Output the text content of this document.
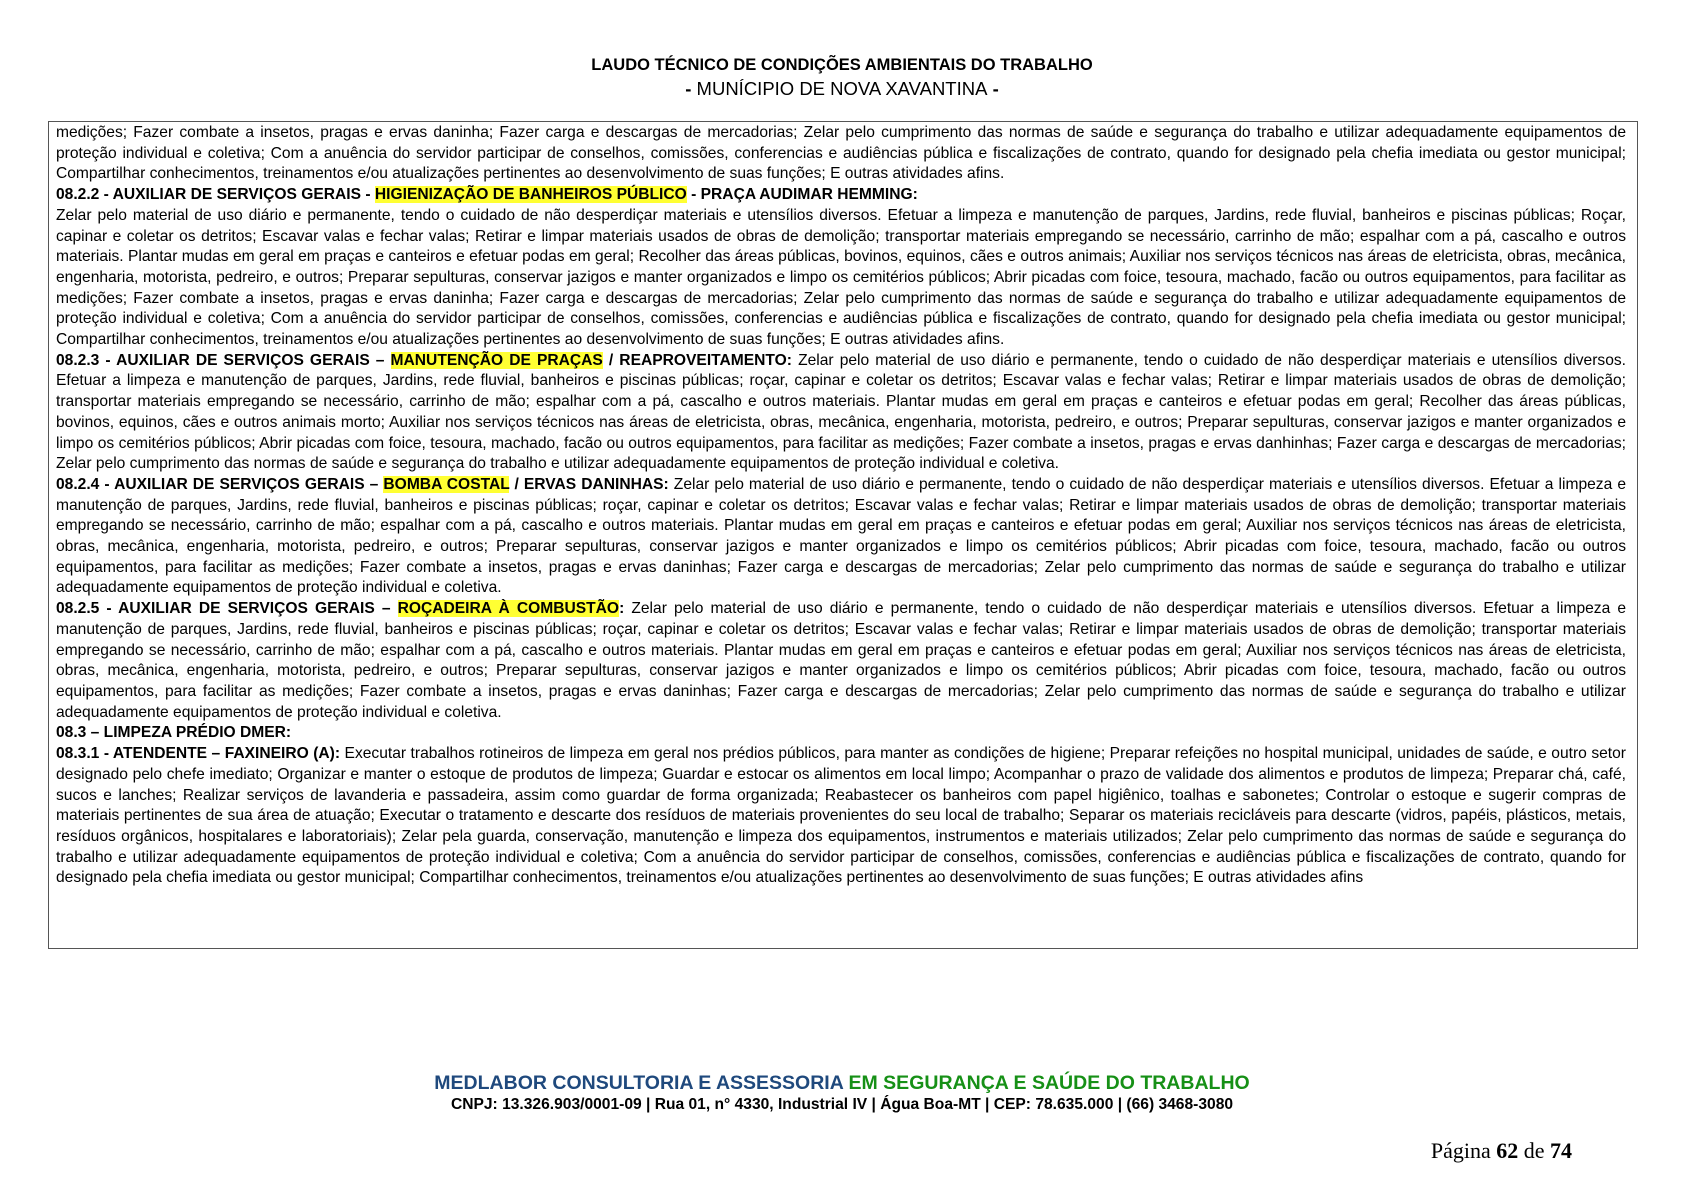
LAUDO TÉCNICO DE CONDIÇÕES AMBIENTAIS DO TRABALHO
- MUNÍCIPIO DE NOVA XAVANTINA -

medições; Fazer combate a insetos, pragas e ervas daninha; Fazer carga e descargas de mercadorias; Zelar pelo cumprimento das normas de saúde e segurança do trabalho e utilizar adequadamente equipamentos de proteção individual e coletiva; Com a anuência do servidor participar de conselhos, comissões, conferencias e audiências pública e fiscalizações de contrato, quando for designado pela chefia imediata ou gestor municipal; Compartilhar conhecimentos, treinamentos e/ou atualizações pertinentes ao desenvolvimento de suas funções; E outras atividades afins.

08.2.2 - AUXILIAR DE SERVIÇOS GERAIS - HIGIENIZAÇÃO DE BANHEIROS PÚBLICO - PRAÇA AUDIMAR HEMMING:

Zelar pelo material de uso diário e permanente, tendo o cuidado de não desperdiçar materiais e utensílios diversos. Efetuar a limpeza e manutenção de parques, Jardins, rede fluvial, banheiros e piscinas públicas; Roçar, capinar e coletar os detritos; Escavar valas e fechar valas; Retirar e limpar materiais usados de obras de demolição; transportar materiais empregando se necessário, carrinho de mão; espalhar com a pá, cascalho e outros materiais. Plantar mudas em geral em praças e canteiros e efetuar podas em geral; Recolher das áreas públicas, bovinos, equinos, cães e outros animais; Auxiliar nos serviços técnicos nas áreas de eletricista, obras, mecânica, engenharia, motorista, pedreiro, e outros; Preparar sepulturas, conservar jazigos e manter organizados e limpo os cemitérios públicos; Abrir picadas com foice, tesoura, machado, facão ou outros equipamentos, para facilitar as medições; Fazer combate a insetos, pragas e ervas daninha; Fazer carga e descargas de mercadorias; Zelar pelo cumprimento das normas de saúde e segurança do trabalho e utilizar adequadamente equipamentos de proteção individual e coletiva; Com a anuência do servidor participar de conselhos, comissões, conferencias e audiências pública e fiscalizações de contrato, quando for designado pela chefia imediata ou gestor municipal; Compartilhar conhecimentos, treinamentos e/ou atualizações pertinentes ao desenvolvimento de suas funções; E outras atividades afins.

08.2.3 - AUXILIAR DE SERVIÇOS GERAIS – MANUTENÇÃO DE PRAÇAS / REAPROVEITAMENTO: Zelar pelo material de uso diário e permanente, tendo o cuidado de não desperdiçar materiais e utensílios diversos. Efetuar a limpeza e manutenção de parques, Jardins, rede fluvial, banheiros e piscinas públicas; roçar, capinar e coletar os detritos; Escavar valas e fechar valas; Retirar e limpar materiais usados de obras de demolição; transportar materiais empregando se necessário, carrinho de mão; espalhar com a pá, cascalho e outros materiais. Plantar mudas em geral em praças e canteiros e efetuar podas em geral; Recolher das áreas públicas, bovinos, equinos, cães e outros animais morto; Auxiliar nos serviços técnicos nas áreas de eletricista, obras, mecânica, engenharia, motorista, pedreiro, e outros; Preparar sepulturas, conservar jazigos e manter organizados e limpo os cemitérios públicos; Abrir picadas com foice, tesoura, machado, facão ou outros equipamentos, para facilitar as medições; Fazer combate a insetos, pragas e ervas danhinhas; Fazer carga e descargas de mercadorias; Zelar pelo cumprimento das normas de saúde e segurança do trabalho e utilizar adequadamente equipamentos de proteção individual e coletiva.

08.2.4 - AUXILIAR DE SERVIÇOS GERAIS – BOMBA COSTAL / ERVAS DANINHAS: Zelar pelo material de uso diário e permanente, tendo o cuidado de não desperdiçar materiais e utensílios diversos. Efetuar a limpeza e manutenção de parques, Jardins, rede fluvial, banheiros e piscinas públicas; roçar, capinar e coletar os detritos; Escavar valas e fechar valas; Retirar e limpar materiais usados de obras de demolição; transportar materiais empregando se necessário, carrinho de mão; espalhar com a pá, cascalho e outros materiais. Plantar mudas em geral em praças e canteiros e efetuar podas em geral; Auxiliar nos serviços técnicos nas áreas de eletricista, obras, mecânica, engenharia, motorista, pedreiro, e outros; Preparar sepulturas, conservar jazigos e manter organizados e limpo os cemitérios públicos; Abrir picadas com foice, tesoura, machado, facão ou outros equipamentos, para facilitar as medições; Fazer combate a insetos, pragas e ervas daninhas; Fazer carga e descargas de mercadorias; Zelar pelo cumprimento das normas de saúde e segurança do trabalho e utilizar adequadamente equipamentos de proteção individual e coletiva.

08.2.5 - AUXILIAR DE SERVIÇOS GERAIS – ROÇADEIRA À COMBUSTÃO: Zelar pelo material de uso diário e permanente, tendo o cuidado de não desperdiçar materiais e utensílios diversos. Efetuar a limpeza e manutenção de parques, Jardins, rede fluvial, banheiros e piscinas públicas; roçar, capinar e coletar os detritos; Escavar valas e fechar valas; Retirar e limpar materiais usados de obras de demolição; transportar materiais empregando se necessário, carrinho de mão; espalhar com a pá, cascalho e outros materiais. Plantar mudas em geral em praças e canteiros e efetuar podas em geral; Auxiliar nos serviços técnicos nas áreas de eletricista, obras, mecânica, engenharia, motorista, pedreiro, e outros; Preparar sepulturas, conservar jazigos e manter organizados e limpo os cemitérios públicos; Abrir picadas com foice, tesoura, machado, facão ou outros equipamentos, para facilitar as medições; Fazer combate a insetos, pragas e ervas daninhas; Fazer carga e descargas de mercadorias; Zelar pelo cumprimento das normas de saúde e segurança do trabalho e utilizar adequadamente equipamentos de proteção individual e coletiva.

08.3 – LIMPEZA PRÉDIO DMER:

08.3.1 - ATENDENTE – FAXINEIRO (A): Executar trabalhos rotineiros de limpeza em geral nos prédios públicos, para manter as condições de higiene; Preparar refeições no hospital municipal, unidades de saúde, e outro setor designado pelo chefe imediato; Organizar e manter o estoque de produtos de limpeza; Guardar e estocar os alimentos em local limpo; Acompanhar o prazo de validade dos alimentos e produtos de limpeza; Preparar chá, café, sucos e lanches; Realizar serviços de lavanderia e passadeira, assim como guardar de forma organizada; Reabastecer os banheiros com papel higiênico, toalhas e sabonetes; Controlar o estoque e sugerir compras de materiais pertinentes de sua área de atuação; Executar o tratamento e descarte dos resíduos de materiais provenientes do seu local de trabalho; Separar os materiais recicláveis para descarte (vidros, papéis, plásticos, metais, resíduos orgânicos, hospitalares e laboratoriais); Zelar pela guarda, conservação, manutenção e limpeza dos equipamentos, instrumentos e materiais utilizados; Zelar pelo cumprimento das normas de saúde e segurança do trabalho e utilizar adequadamente equipamentos de proteção individual e coletiva; Com a anuência do servidor participar de conselhos, comissões, conferencias e audiências pública e fiscalizações de contrato, quando for designado pela chefia imediata ou gestor municipal; Compartilhar conhecimentos, treinamentos e/ou atualizações pertinentes ao desenvolvimento de suas funções; E outras atividades afins

MEDLABOR CONSULTORIA E ASSESSORIA EM SEGURANÇA E SAÚDE DO TRABALHO
CNPJ: 13.326.903/0001-09 | Rua 01, n° 4330, Industrial IV | Água Boa-MT | CEP: 78.635.000 | (66) 3468-3080
Página 62 de 74
